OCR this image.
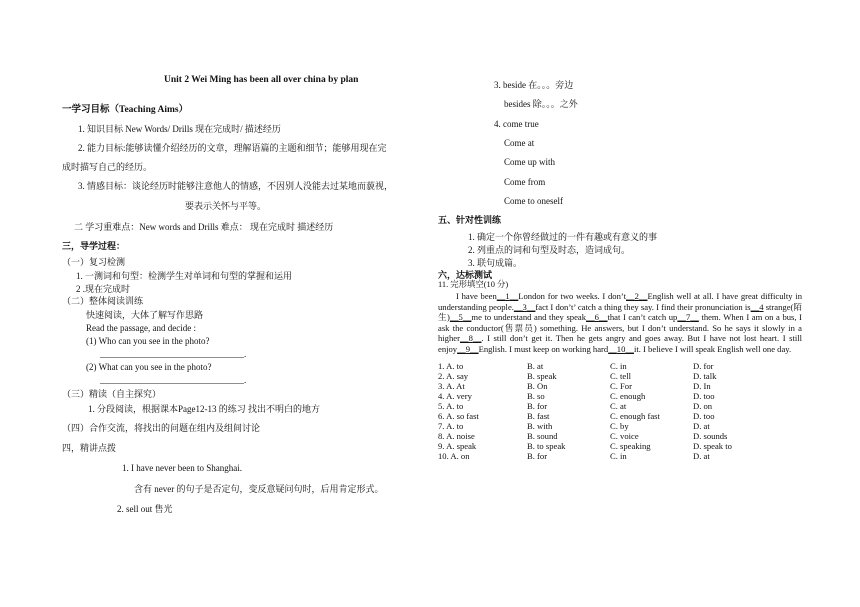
Unit 2 Wei Ming has been all over china by plan
一学习目标（Teaching Aims）
1. 知识目标 New Words/ Drills 现在完成时/ 描述经历
2. 能力目标:能够读懂介绍经历的文章，理解语篇的主题和细节；能够用现在完
成时描写自己的经历。
3. 情感目标：谈论经历时能够注意他人的情感，不因别人没能去过某地而藐视，
要表示关怀与平等。
二 学习重难点：New words and Drills 难点： 现在完成时 描述经历
三，导学过程：
（一）复习检测
1. 一测词和句型：检测学生对单词和句型的掌握和运用
2 .现在完成时
（二）整体阅读训练
快速阅读，大体了解写作思路
Read the passage, and decide :
(1) Who can you see in the photo?
________________________________.
(2) What can you see in the photo?
________________________________.
（三）精读（自主探究）
1. 分段阅读，根据课本Page12-13 的练习 找出不明白的地方
（四）合作交流，将找出的问题在组内及组间讨论
四，精讲点拨
1. I have never been to Shanghai.
含有 never 的句子是否定句，变反意疑问句时，后用肯定形式。
2. sell out 售光
3. beside 在。。。旁边
besides 除。。。之外
4. come true
Come at
Come up with
Come from
Come to oneself
五、针对性训练
1. 确定一个你曾经做过的一件有趣或有意义的事
2. 列重点的词和句型及时态，造词成句。
3. 联句成篇。
六，达标测试
11. 完形填空(10 分)
I have been__1__London for two weeks. I don’t__2__English well at all. I have great difficulty in understanding people.__3__fact I don’t’ catch a thing they say. I find their pronunciation is__4 strange(陌生)__5__me to understand and they speak__6__that I can’t catch up__7__ them. When I am on a bus, I ask the conductor(售票员) something. He answers, but I don’t understand. So he says it slowly in a higher__8__. I still don’t get it. Then he gets angry and goes away. But I have not lost heart. I still enjoy__9__English. I must keep on working hard__10__it. I believe I will speak English well one day.
1. A. to	B. at	C. in	D. for
2. A. say	B. speak	C. tell	D. talk
3. A. At	B. On	C. For	D. In
4. A. very	B. so	C. enough	D. too
5. A. to	B. for	C. at	D. on
6. A. so fast	B. fast	C. enough fast	D. too
7. A. to	B. with	C. by	D. at
8. A. noise	B. sound	C. voice	D. sounds
9. A. speak	B. to speak	C. speaking	D. speak to
10. A. on	B. for	C. in	D. at
